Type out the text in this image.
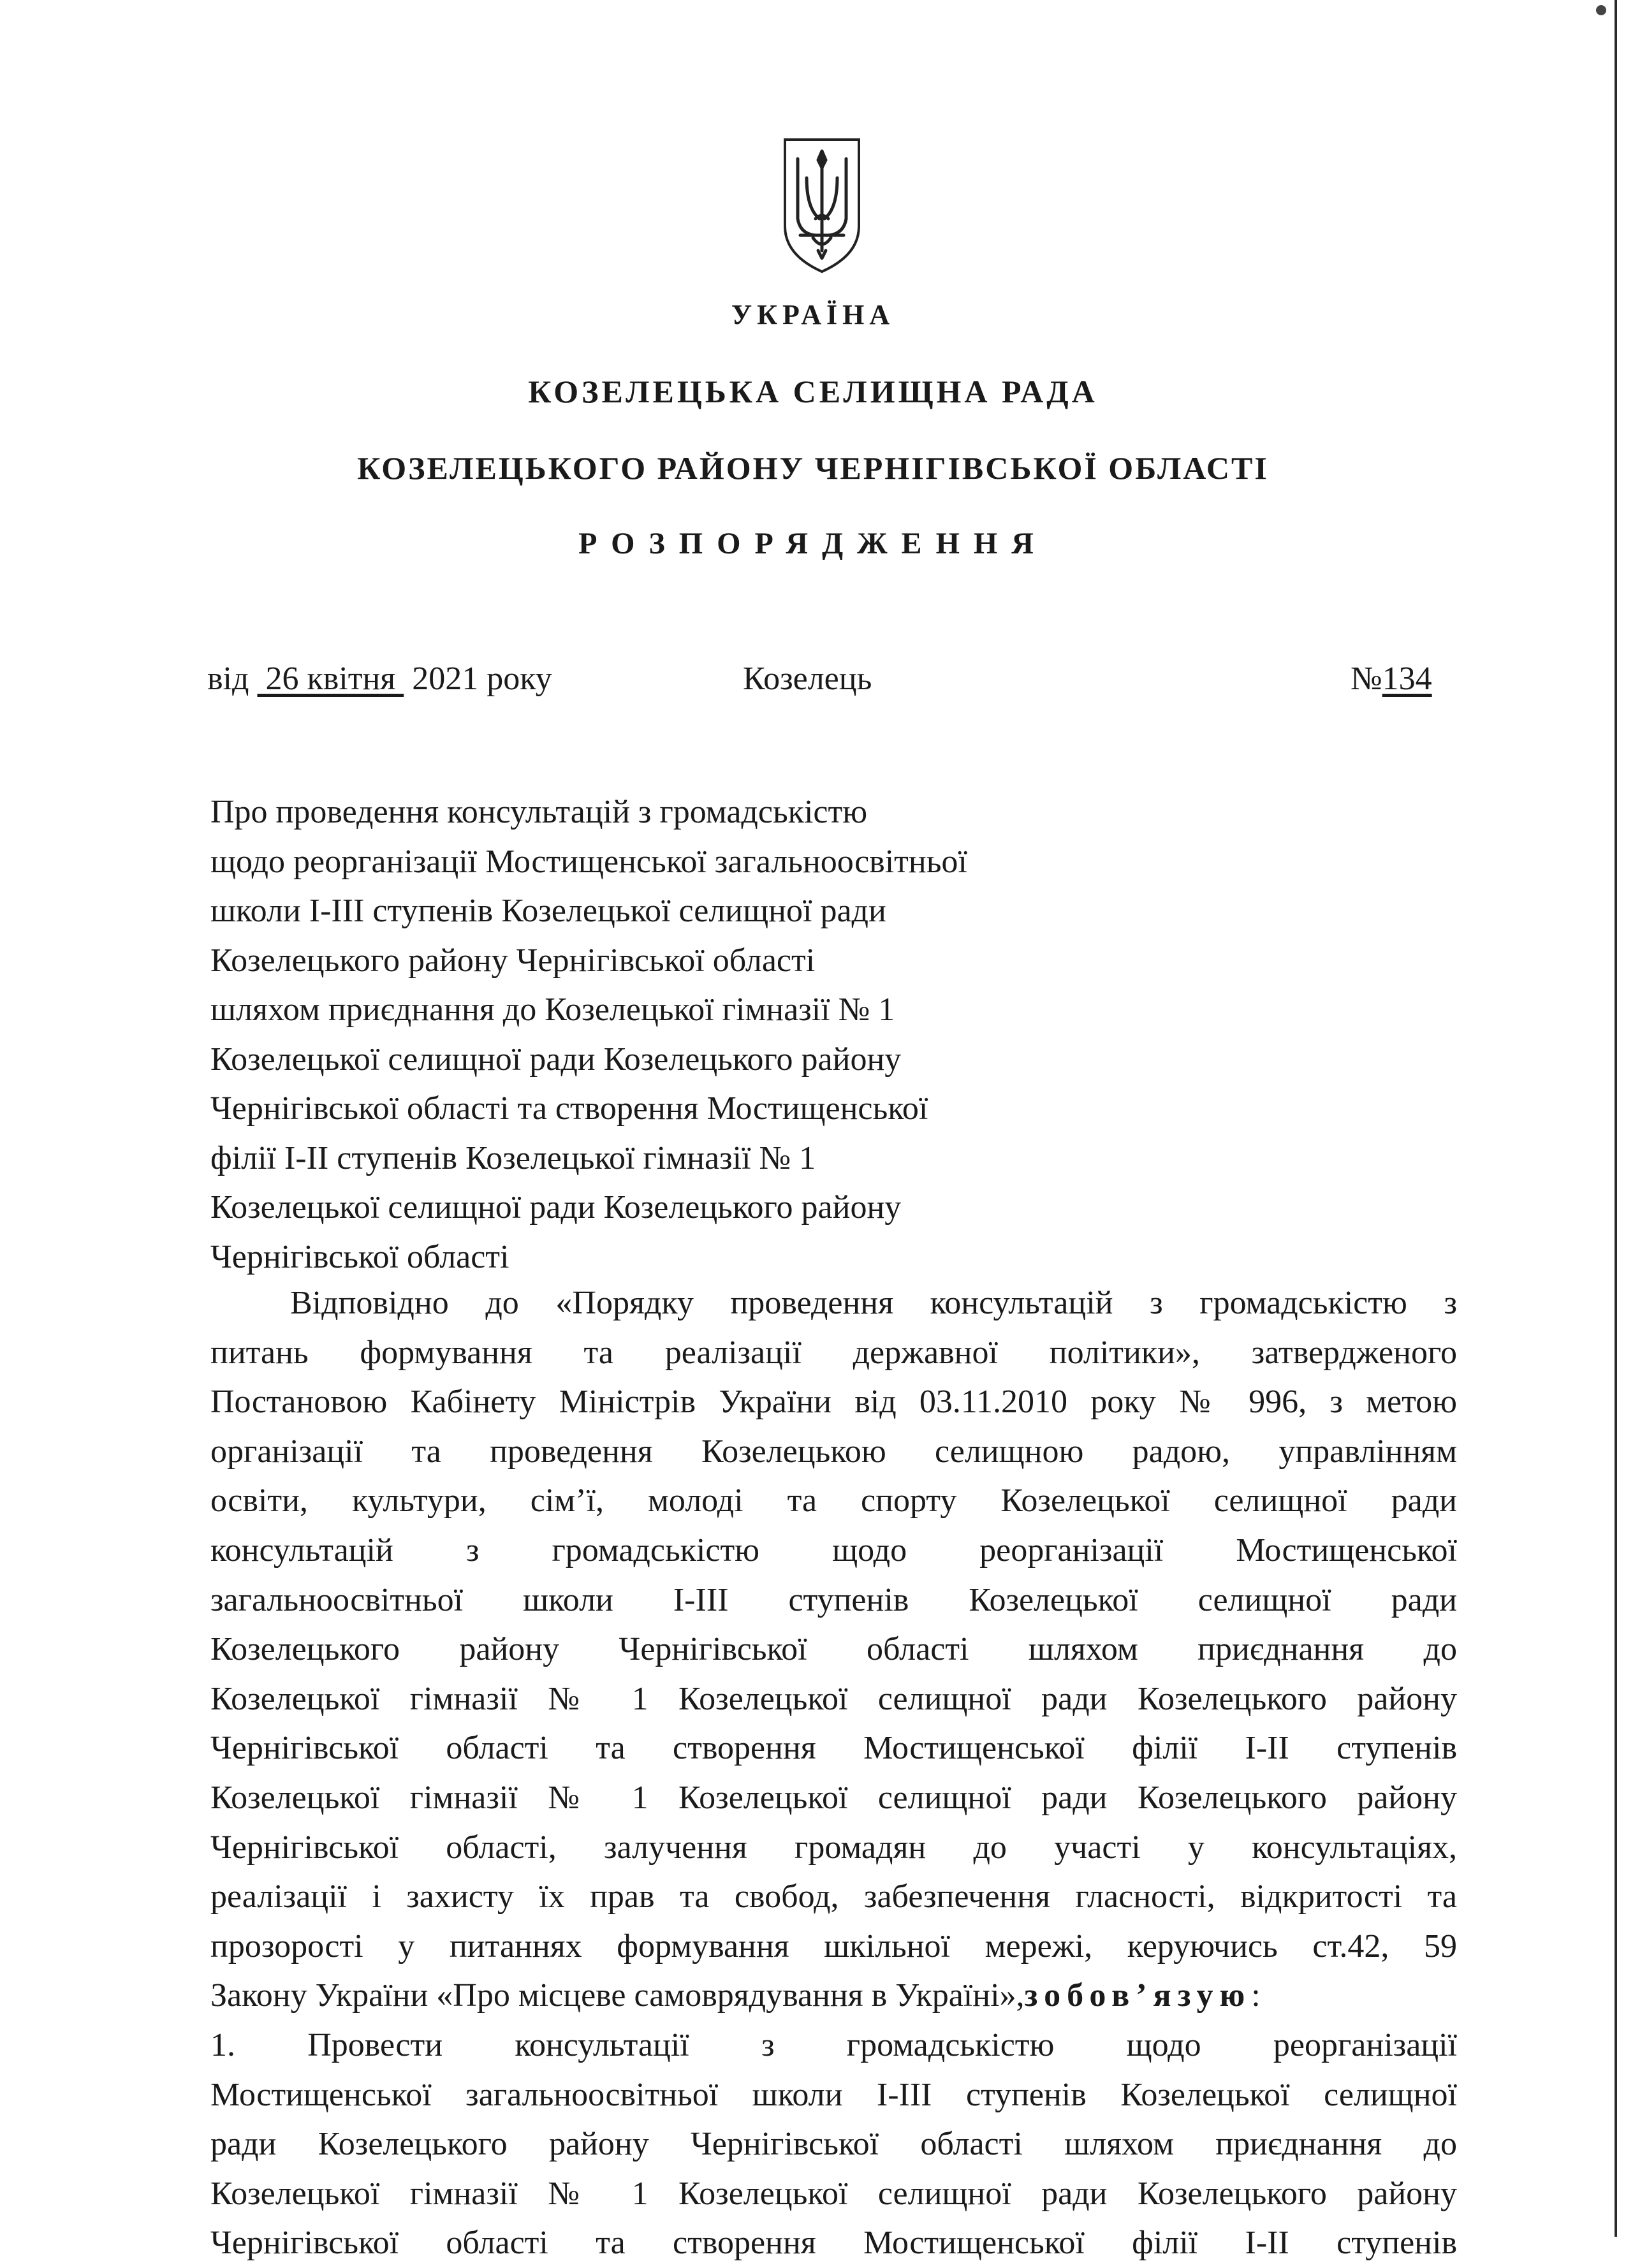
УКРАЇНА
КОЗЕЛЕЦЬКА СЕЛИЩНА РАДА
КОЗЕЛЕЦЬКОГО РАЙОНУ ЧЕРНІГІВСЬКОЇ ОБЛАСТІ
РОЗПОРЯДЖЕННЯ
від  26 квітня  2021 року	Козелець	№134
Про проведення консультацій з громадськістю
щодо реорганізації Мостищенської загальноосвітньої
школи І-ІІІ ступенів Козелецької селищної ради
Козелецького району Чернігівської області
шляхом приєднання до Козелецької гімназії № 1
Козелецької селищної ради Козелецького району
Чернігівської області та створення Мостищенської
філії І-ІІ ступенів Козелецької гімназії № 1
Козелецької селищної ради Козелецького району
Чернігівської області
Відповідно до «Порядку проведення консультацій з громадськістю з
питань формування та реалізації державної політики», затвердженого
Постановою Кабінету Міністрів України від 03.11.2010 року № 996, з метою
організації та проведення Козелецькою селищною радою, управлінням
освіти, культури, сім’ї, молоді та спорту Козелецької селищної ради
консультацій з громадськістю щодо реорганізації Мостищенської
загальноосвітньої школи І-ІІІ ступенів Козелецької селищної ради
Козелецького району Чернігівської області шляхом приєднання до
Козелецької гімназії № 1 Козелецької селищної ради Козелецького району
Чернігівської області та створення Мостищенської філії І-ІІ ступенів
Козелецької гімназії № 1 Козелецької селищної ради Козелецького району
Чернігівської області, залучення громадян до участі у консультаціях,
реалізації і захисту їх прав та свобод, забезпечення гласності, відкритості та
прозорості у питаннях формування шкільної мережі, керуючись ст.42, 59
Закону України «Про місцеве самоврядування в Україні»,зобов’язую:
1. Провести консультації з громадськістю щодо реорганізації
Мостищенської загальноосвітньої школи І-ІІІ ступенів Козелецької селищної
ради Козелецького району Чернігівської області шляхом приєднання до
Козелецької гімназії № 1 Козелецької селищної ради Козелецького району
Чернігівської області та створення Мостищенської філії І-ІІ ступенів
